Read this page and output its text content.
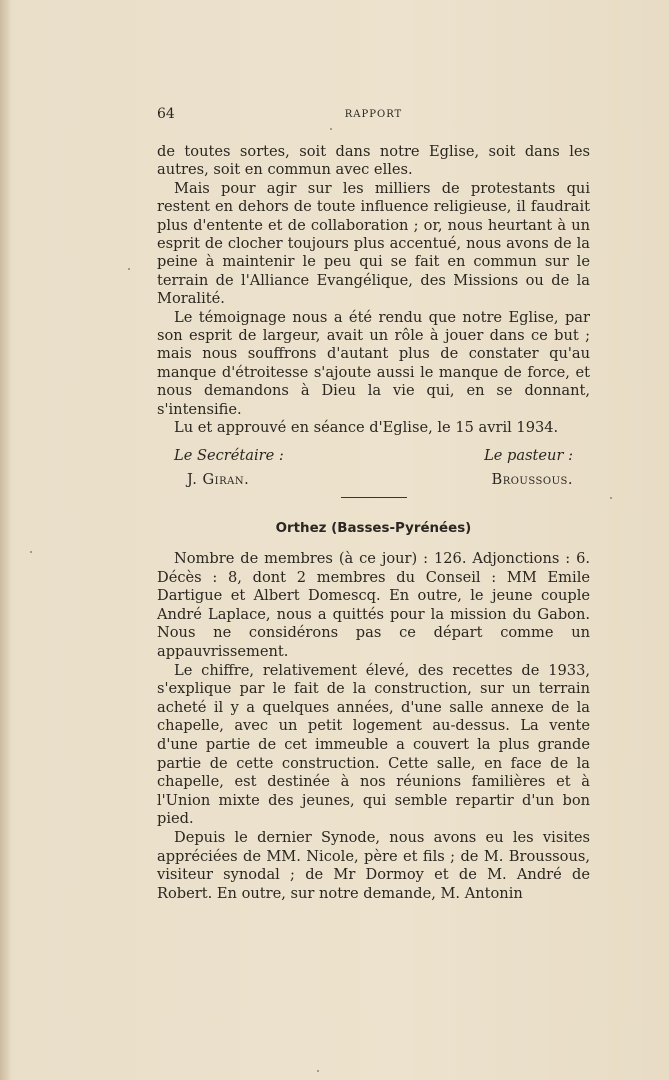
64	RAPPORT

de toutes sortes, soit dans notre Eglise, soit dans les autres, soit en commun avec elles.

Mais pour agir sur les milliers de protestants qui restent en dehors de toute influence religieuse, il faudrait plus d'entente et de collaboration ; or, nous heurtant à un esprit de clocher toujours plus accentué, nous avons de la peine à maintenir le peu qui se fait en commun sur le terrain de l'Alliance Evangélique, des Missions ou de la Moralité.

Le témoignage nous a été rendu que notre Eglise, par son esprit de largeur, avait un rôle à jouer dans ce but ; mais nous souffrons d'autant plus de constater qu'au manque d'étroitesse s'ajoute aussi le manque de force, et nous demandons à Dieu la vie qui, en se donnant, s'intensifie.

Lu et approuvé en séance d'Eglise, le 15 avril 1934.

Le Secrétaire :	Le pasteur :
J. Giran.	Broussous.
Orthez (Basses-Pyrénées)

Nombre de membres (à ce jour) : 126. Adjonctions : 6. Décès : 8, dont 2 membres du Conseil : MM Emile Dartigue et Albert Domescq. En outre, le jeune couple André Laplace, nous a quittés pour la mission du Gabon. Nous ne considérons pas ce départ comme un appauvrissement.

Le chiffre, relativement élevé, des recettes de 1933, s'explique par le fait de la construction, sur un terrain acheté il y a quelques années, d'une salle annexe de la chapelle, avec un petit logement au-dessus. La vente d'une partie de cet immeuble a couvert la plus grande partie de cette construction. Cette salle, en face de la chapelle, est destinée à nos réunions familières et à l'Union mixte des jeunes, qui semble repartir d'un bon pied.

Depuis le dernier Synode, nous avons eu les visites appréciées de MM. Nicole, père et fils ; de M. Broussous, visiteur synodal ; de Mr Dormoy et de M. André de Robert. En outre, sur notre demande, M. Antonin
